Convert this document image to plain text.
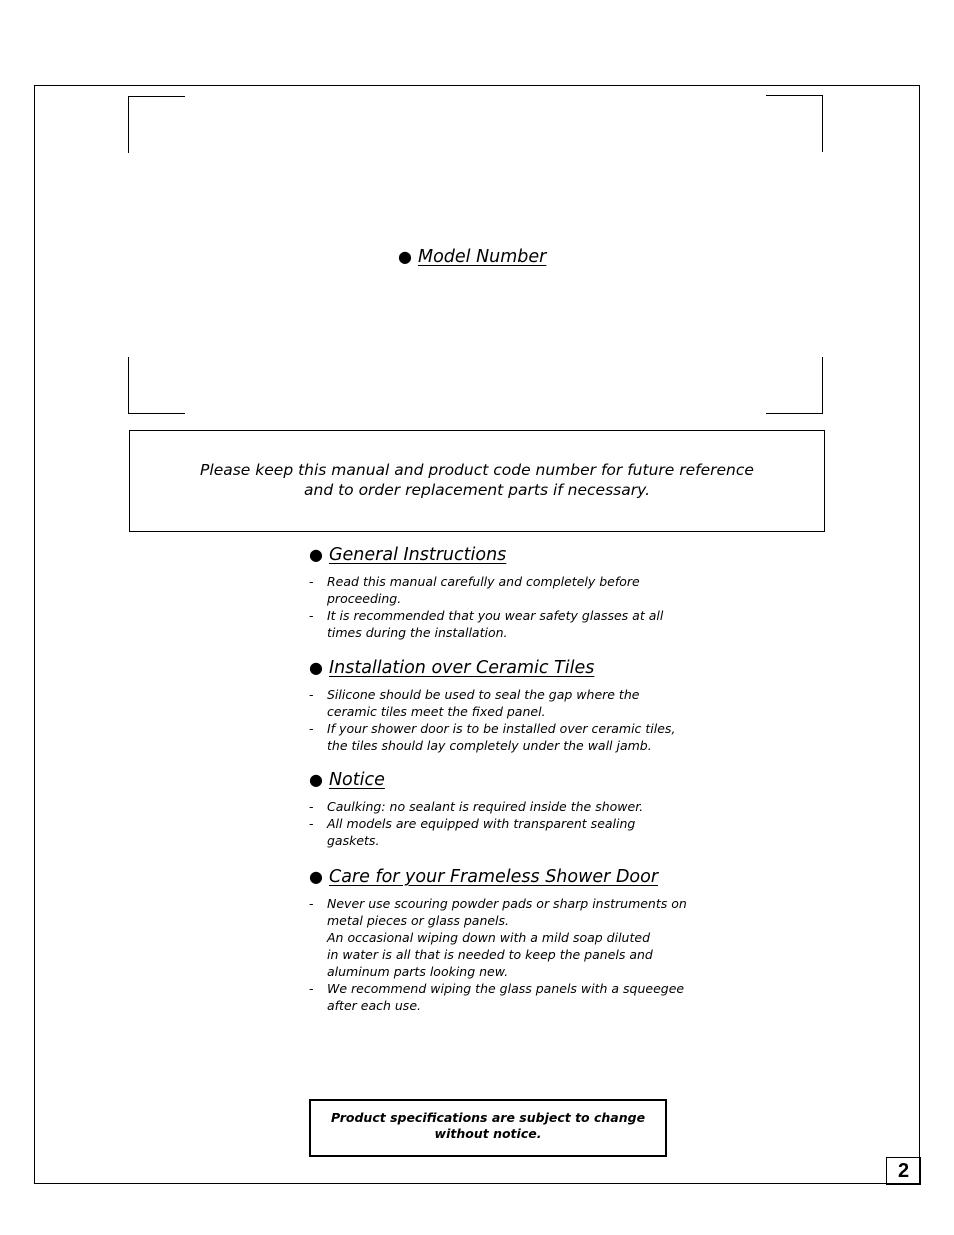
● Model Number
Please keep this manual and product code number for future reference
and to order replacement parts if necessary.
● General Instructions
- Read this manual carefully and completely before
proceeding.
- It is recommended that you wear safety glasses at all
times during the installation.
● Installation over Ceramic Tiles
- Silicone should be used to seal the gap where the
ceramic tiles meet the fixed panel.
- If your shower door is to be installed over ceramic tiles,
the tiles should lay completely under the wall jamb.
● Notice
- Caulking: no sealant is required inside the shower.
- All models are equipped with transparent sealing
gaskets.
● Care for your Frameless Shower Door
- Never use scouring powder pads or sharp instruments on
metal pieces or glass panels.
An occasional wiping down with a mild soap diluted
in water is all that is needed to keep the panels and
aluminum parts looking new.
- We recommend wiping the glass panels with a squeegee
after each use.
Product specifications are subject to change
without notice.
2
